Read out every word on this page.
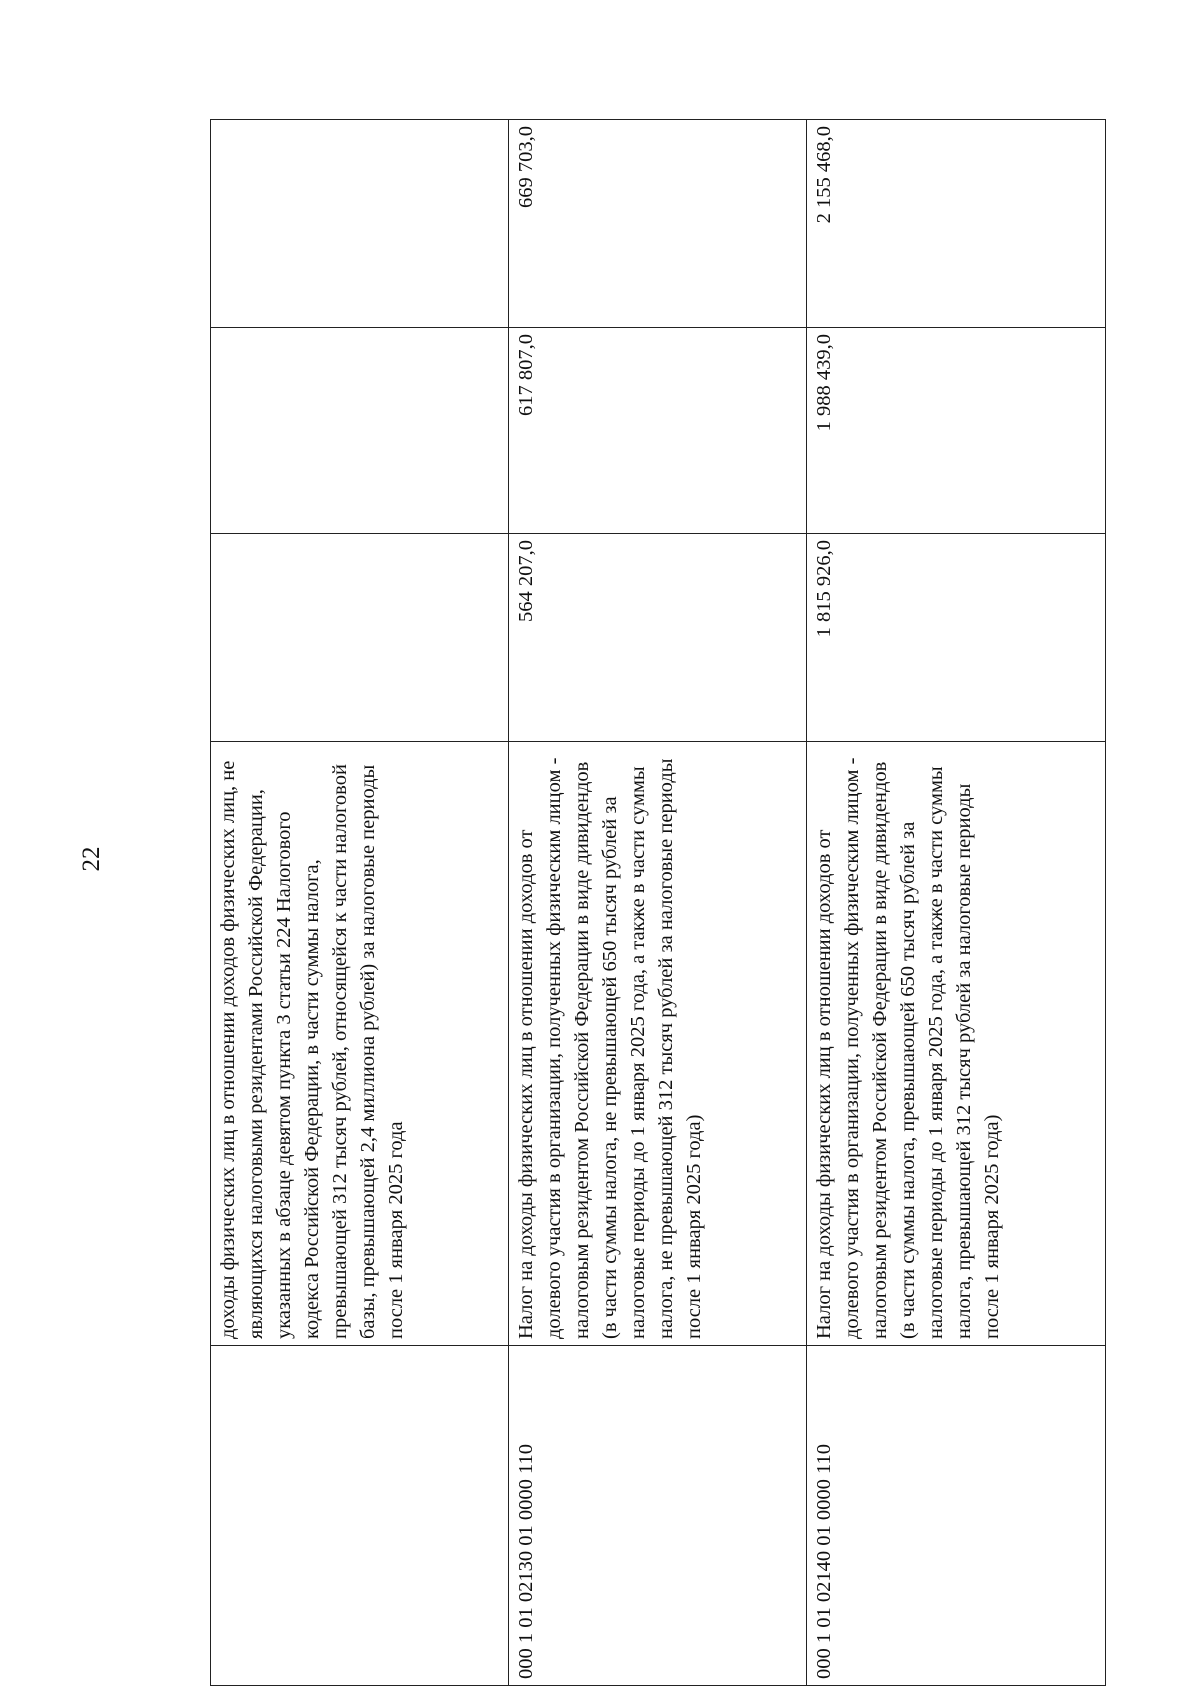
22
		доходы физических лиц в отношении доходов физических лиц, не являющихся налоговыми резидентами Российской Федерации, указанных в абзаце девятом пункта 3 статьи 224 Налогового кодекса Российской Федерации, в части суммы налога, превышающей 312 тысяч рублей, относящейся к части налоговой базы, превышающей 2,4 миллиона рублей) за налоговые периоды после 1 января 2025 года			
000 1 01 02130 01 0000 110	Налог на доходы физических лиц в отношении доходов от долевого участия в организации, полученных физическим лицом - налоговым резидентом Российской Федерации в виде дивидендов (в части суммы налога, не превышающей 650 тысяч рублей за налоговые периоды до 1 января 2025 года, а также в части суммы налога, не превышающей 312 тысяч рублей за налоговые периоды после 1 января 2025 года)	564 207,0	617 807,0	669 703,0
000 1 01 02140 01 0000 110	Налог на доходы физических лиц в отношении доходов от долевого участия в организации, полученных физическим лицом - налоговым резидентом Российской Федерации в виде дивидендов (в части суммы налога, превышающей 650 тысяч рублей за налоговые периоды до 1 января 2025 года, а также в части суммы налога, превышающей 312 тысяч рублей за налоговые периоды после 1 января 2025 года)	1 815 926,0	1 988 439,0	2 155 468,0
